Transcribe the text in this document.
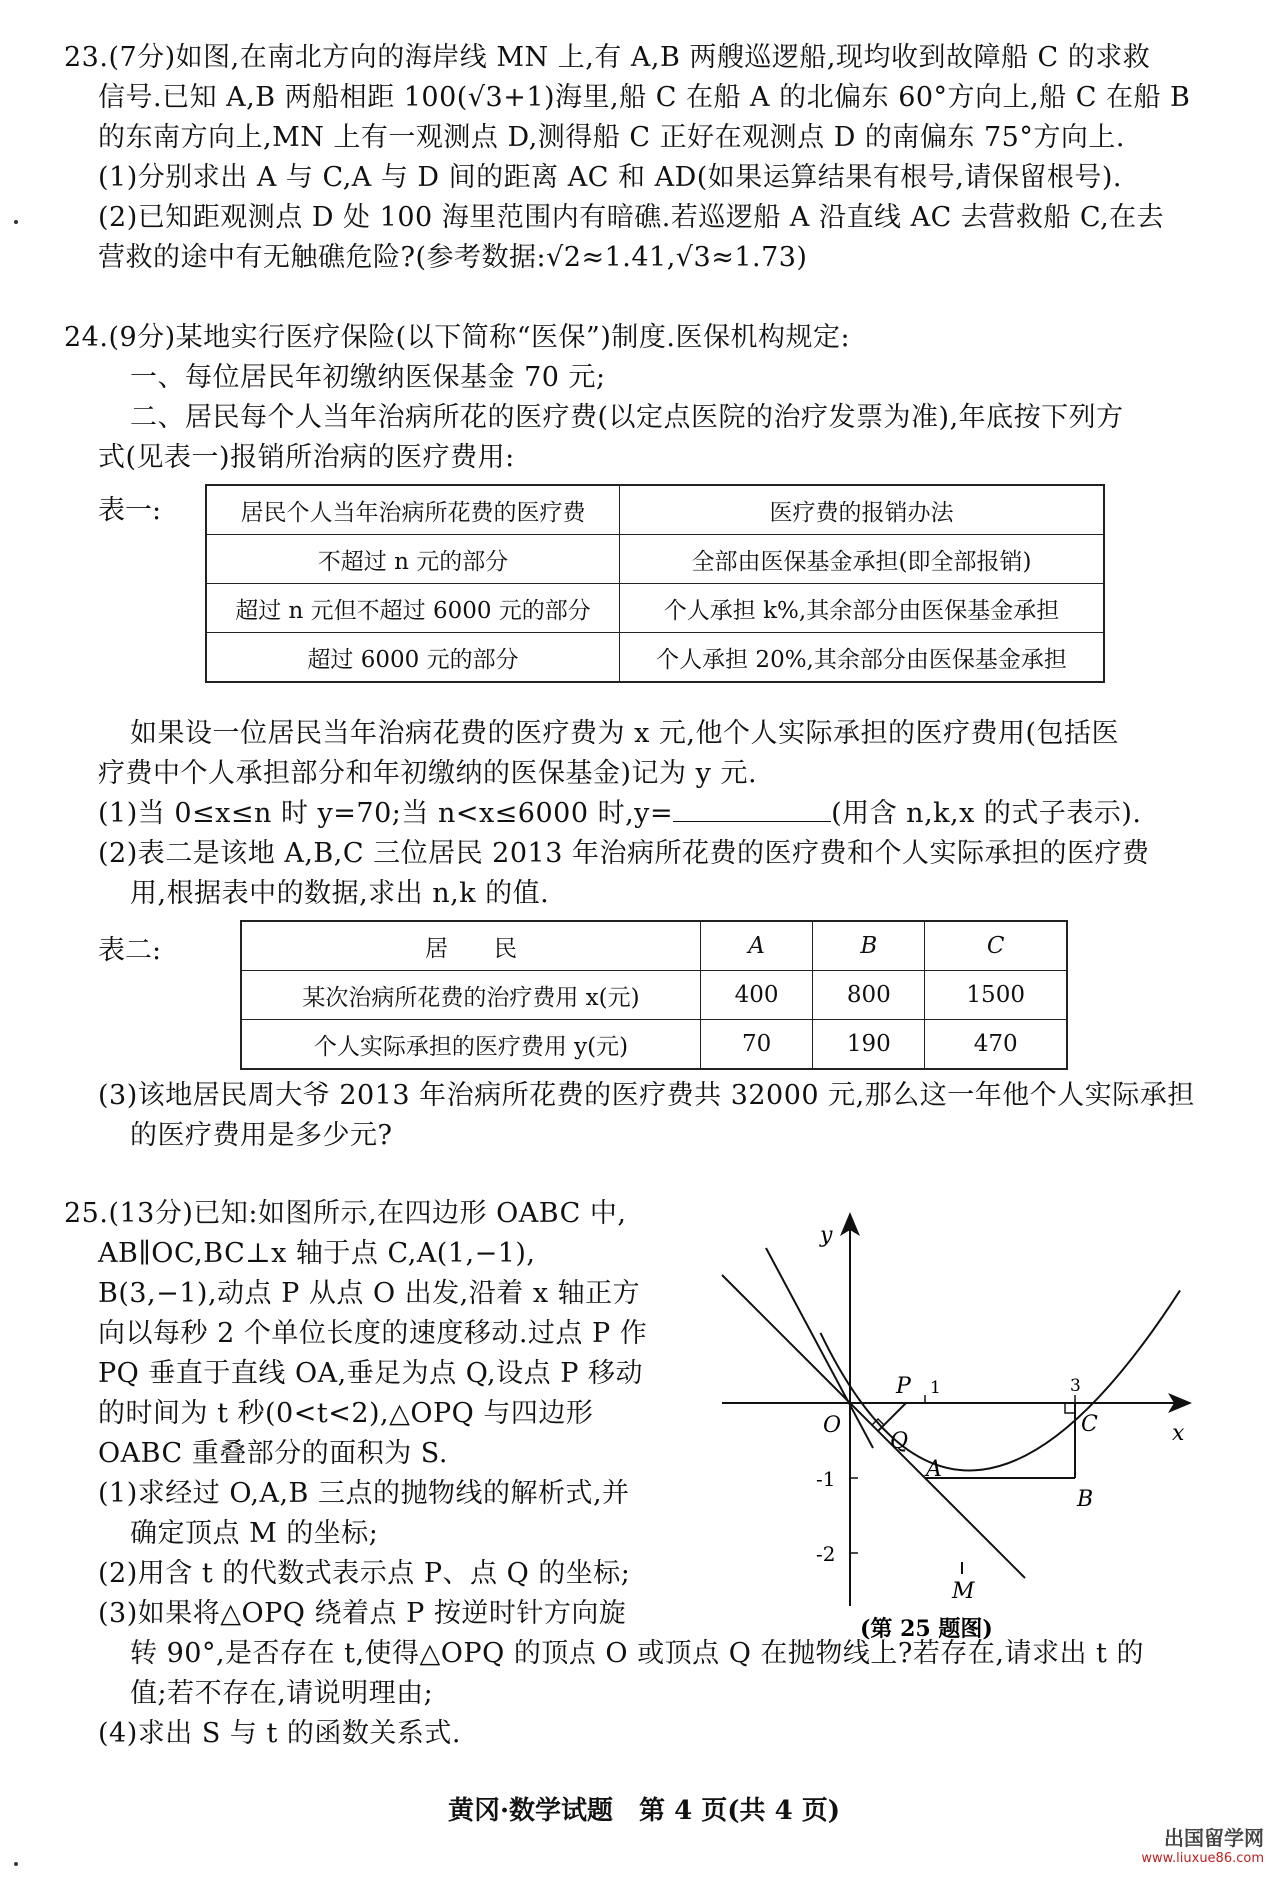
23.(7分)如图,在南北方向的海岸线 MN 上,有 A,B 两艘巡逻船,现均收到故障船 C 的求救
信号.已知 A,B 两船相距 100(√3+1)海里,船 C 在船 A 的北偏东 60°方向上,船 C 在船 B
的东南方向上,MN 上有一观测点 D,测得船 C 正好在观测点 D 的南偏东 75°方向上.
(1)分别求出 A 与 C,A 与 D 间的距离 AC 和 AD(如果运算结果有根号,请保留根号).
(2)已知距观测点 D 处 100 海里范围内有暗礁.若巡逻船 A 沿直线 AC 去营救船 C,在去
营救的途中有无触礁危险?(参考数据:√2≈1.41,√3≈1.73)
24.(9分)某地实行医疗保险(以下简称“医保”)制度.医保机构规定:
一、每位居民年初缴纳医保基金 70 元;
二、居民每个人当年治病所花的医疗费(以定点医院的治疗发票为准),年底按下列方
式(见表一)报销所治病的医疗费用:
表一:	居民个人当年治病所花费的医疗费	医疗费的报销办法
不超过 n 元的部分	全部由医保基金承担(即全部报销)
超过 n 元但不超过 6000 元的部分	个人承担 k%,其余部分由医保基金承担
超过 6000 元的部分	个人承担 20%,其余部分由医保基金承担
如果设一位居民当年治病花费的医疗费为 x 元,他个人实际承担的医疗费用(包括医
疗费中个人承担部分和年初缴纳的医保基金)记为 y 元.
(1)当 0≤x≤n 时 y=70;当 n<x≤6000 时,y=	(用含 n,k,x 的式子表示).
(2)表二是该地 A,B,C 三位居民 2013 年治病所花费的医疗费和个人实际承担的医疗费
用,根据表中的数据,求出 n,k 的值.
表二:	居　　民	A	B	C
某次治病所花费的治疗费用 x(元)	400	800	1500
个人实际承担的医疗费用 y(元)	70	190	470
(3)该地居民周大爷 2013 年治病所花费的医疗费共 32000 元,那么这一年他个人实际承担
的医疗费用是多少元?
25.(13分)已知:如图所示,在四边形 OABC 中,
AB∥OC,BC⊥x 轴于点 C,A(1,−1),
B(3,−1),动点 P 从点 O 出发,沿着 x 轴正方
向以每秒 2 个单位长度的速度移动.过点 P 作
PQ 垂直于直线 OA,垂足为点 Q,设点 P 移动
的时间为 t 秒(0<t<2),△OPQ 与四边形
OABC 重叠部分的面积为 S.
(1)求经过 O,A,B 三点的抛物线的解析式,并
确定顶点 M 的坐标;
(2)用含 t 的代数式表示点 P、点 Q 的坐标;
(3)如果将△OPQ 绕着点 P 按逆时针方向旋
转 90°,是否存在 t,使得△OPQ 的顶点 O 或顶点 Q 在抛物线上?若存在,请求出 t 的
值;若不存在,请说明理由;
(4)求出 S 与 t 的函数关系式.
y
x
O
P
Q
A
B
C
M
1	3
-1
-2
(第 25 题图)
黄冈·数学试题　第 4 页(共 4 页)
出国留学网
www.liuxue86.com
